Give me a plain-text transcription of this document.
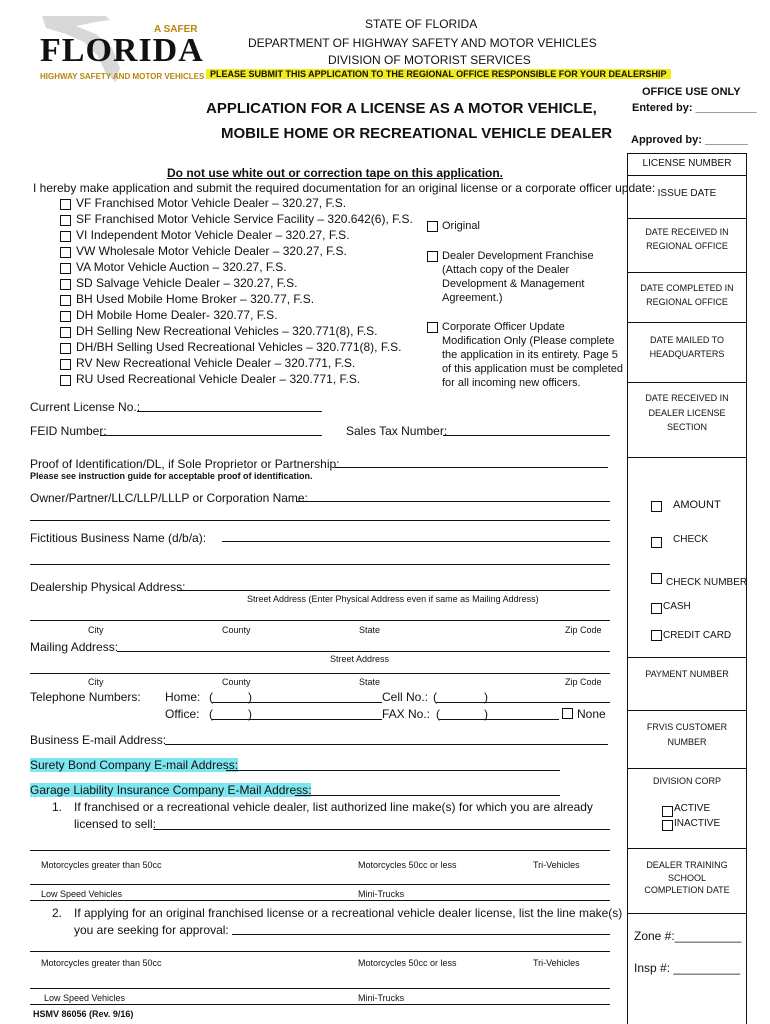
A SAFER
FLORIDA
HIGHWAY SAFETY AND MOTOR VEHICLES
STATE OF FLORIDA
DEPARTMENT OF HIGHWAY SAFETY AND MOTOR VEHICLES
DIVISION OF MOTORIST SERVICES
PLEASE SUBMIT THIS APPLICATION TO THE REGIONAL OFFICE RESPONSIBLE FOR YOUR DEALERSHIP
APPLICATION FOR A LICENSE AS A MOTOR VEHICLE,
MOBILE HOME OR RECREATIONAL VEHICLE DEALER
OFFICE USE ONLY
Entered by: __________
Approved by: _______
LICENSE NUMBER
ISSUE DATE
DATE RECEIVED IN
REGIONAL OFFICE
DATE COMPLETED IN
REGIONAL OFFICE
DATE MAILED TO
HEADQUARTERS
DATE RECEIVED IN
DEALER LICENSE
SECTION
AMOUNT
CHECK
CHECK NUMBER
CASH
CREDIT CARD
PAYMENT NUMBER
FRVIS CUSTOMER
NUMBER
DIVISION CORP
ACTIVE
INACTIVE
DEALER TRAINING
SCHOOL
COMPLETION DATE
Zone #:__________
Insp #: __________
Do not use white out or correction tape on this application.
I hereby make application and submit the required documentation for an original license or a corporate officer update:
VF Franchised Motor Vehicle Dealer – 320.27, F.S.
SF Franchised Motor Vehicle Service Facility – 320.642(6), F.S.
VI Independent Motor Vehicle Dealer – 320.27, F.S.
VW Wholesale Motor Vehicle Dealer – 320.27, F.S.
VA Motor Vehicle Auction – 320.27, F.S.
SD Salvage Vehicle Dealer – 320.27, F.S.
BH Used Mobile Home Broker – 320.77, F.S.
DH Mobile Home Dealer- 320.77, F.S.
DH Selling New Recreational Vehicles – 320.771(8), F.S.
DH/BH Selling Used Recreational Vehicles – 320.771(8), F.S.
RV New Recreational Vehicle Dealer – 320.771, F.S.
RU Used Recreational Vehicle Dealer – 320.771, F.S.
Original
Dealer Development Franchise
(Attach copy of the Dealer
Development & Management
Agreement.)
Corporate Officer Update
Modification Only (Please complete
the application in its entirety. Page 5
of this application must be completed
for all incoming new officers.
Current License No.:
FEID Number:	Sales Tax Number:
Proof of Identification/DL, if Sole Proprietor or Partnership:
Please see instruction guide for acceptable proof of identification.
Owner/Partner/LLC/LLP/LLLP or Corporation Name:
Fictitious Business Name (d/b/a):
Dealership Physical Address:
Street Address (Enter Physical Address even if same as Mailing Address)
City	County	State	Zip Code
Mailing Address:
Street Address
City	County	State	Zip Code
Telephone Numbers: Home: (	)	Cell No.: (	)
Office: (	)	FAX No.: (	)	None
Business E-mail Address:
Surety Bond Company E-mail Address:
Garage Liability Insurance Company E-Mail Address:
1. If franchised or a recreational vehicle dealer, list authorized line make(s) for which you are already
licensed to sell:
Motorcycles greater than 50cc	Motorcycles 50cc or less	Tri-Vehicles
Low Speed Vehicles	Mini-Trucks
2. If applying for an original franchised license or a recreational vehicle dealer license, list the line make(s)
you are seeking for approval:
Motorcycles greater than 50cc	Motorcycles 50cc or less	Tri-Vehicles
Low Speed Vehicles	Mini-Trucks
HSMV 86056 (Rev. 9/16)
